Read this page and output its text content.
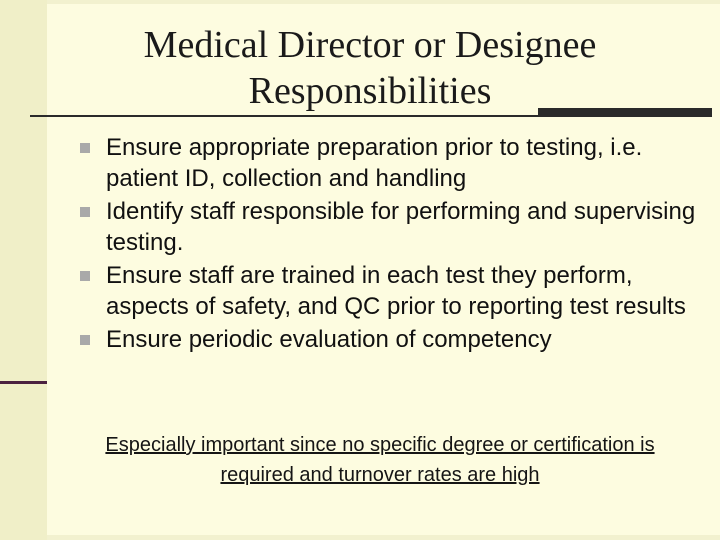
Medical Director or Designee
Responsibilities
Ensure appropriate preparation prior to testing, i.e. patient ID, collection and handling
Identify staff responsible for performing and supervising testing.
Ensure staff are trained in each test they perform, aspects of safety, and QC prior to reporting test results
Ensure periodic evaluation of competency
Especially important since no specific degree or certification is required and turnover rates are high
